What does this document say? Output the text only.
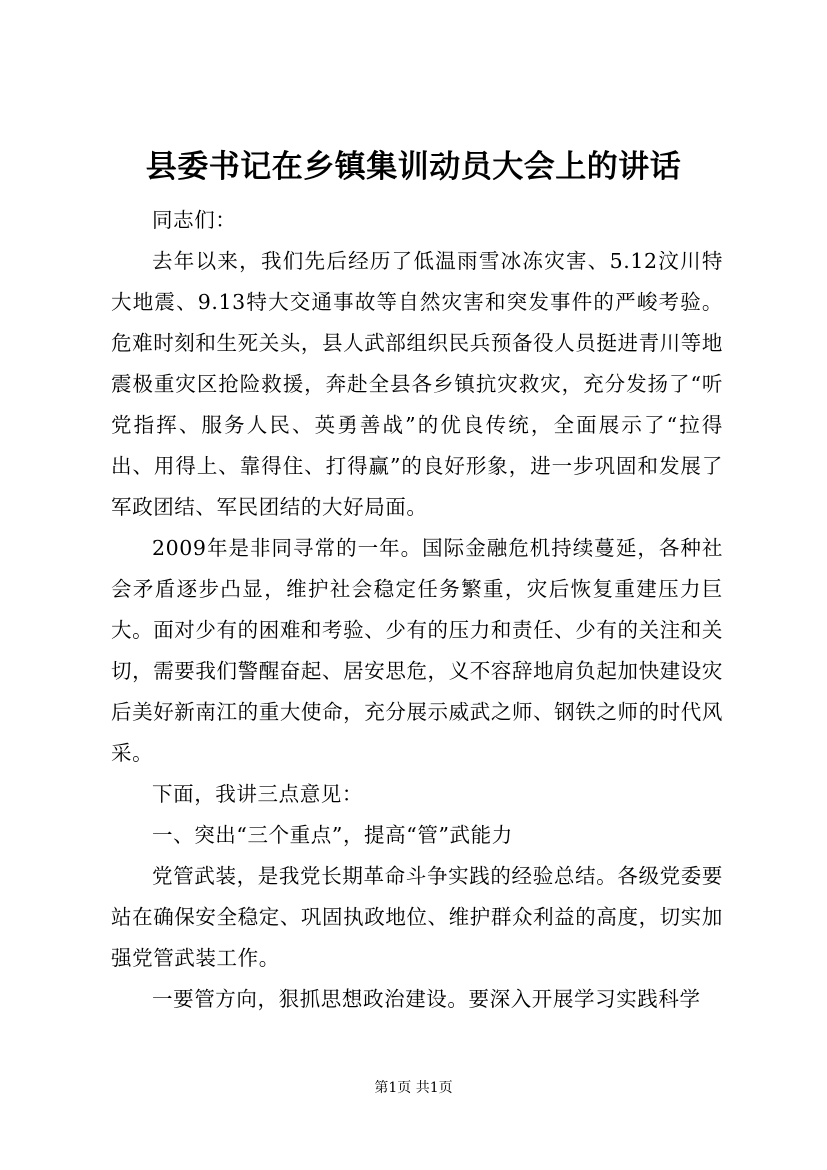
县委书记在乡镇集训动员大会上的讲话

同志们：

去年以来，我们先后经历了低温雨雪冰冻灾害、5.12汶川特大地震、9.13特大交通事故等自然灾害和突发事件的严峻考验。危难时刻和生死关头，县人武部组织民兵预备役人员挺进青川等地震极重灾区抢险救援，奔赴全县各乡镇抗灾救灾，充分发扬了“听党指挥、服务人民、英勇善战”的优良传统，全面展示了“拉得出、用得上、靠得住、打得赢”的良好形象，进一步巩固和发展了军政团结、军民团结的大好局面。

2009年是非同寻常的一年。国际金融危机持续蔓延，各种社会矛盾逐步凸显，维护社会稳定任务繁重，灾后恢复重建压力巨大。面对少有的困难和考验、少有的压力和责任、少有的关注和关切，需要我们警醒奋起、居安思危，义不容辞地肩负起加快建设灾后美好新南江的重大使命，充分展示威武之师、钢铁之师的时代风采。

下面，我讲三点意见：

一、突出“三个重点”，提高“管”武能力

党管武装，是我党长期革命斗争实践的经验总结。各级党委要站在确保安全稳定、巩固执政地位、维护群众利益的高度，切实加强党管武装工作。

一要管方向，狠抓思想政治建设。要深入开展学习实践科学

第1页 共1页
